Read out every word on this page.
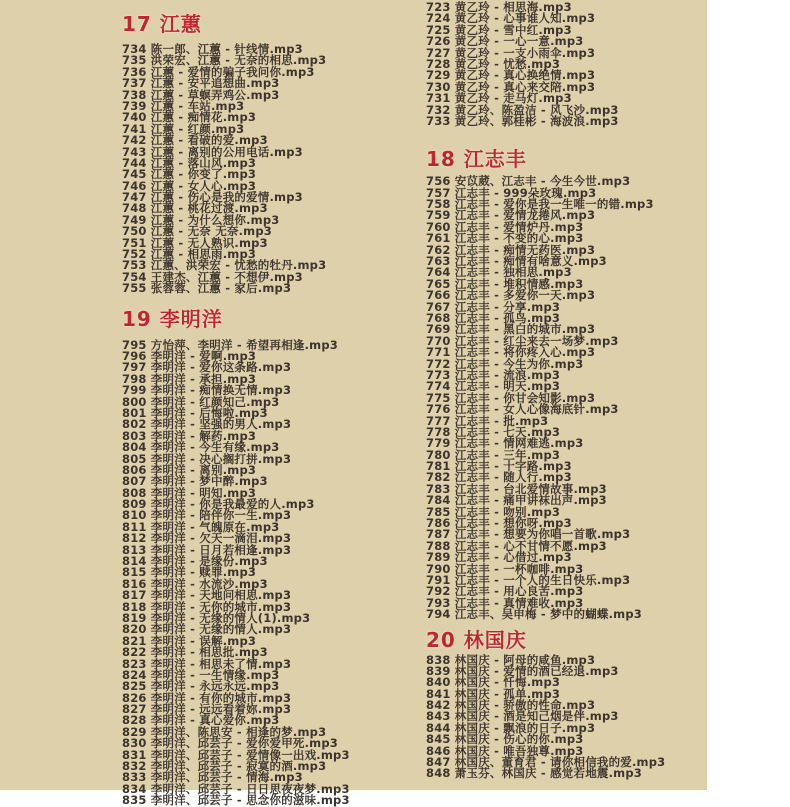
17 江蕙
734 陈一郎、江蕙 - 针线情.mp3
735 洪荣宏、江蕙 - 无奈的相思.mp3
736 江蕙 - 爱情的骗子我问你.mp3
737 江蕙 - 安平追想曲.mp3
738 江蕙 - 草螟弄鸡公.mp3
739 江蕙 - 车站.mp3
740 江蕙 - 痴情花.mp3
741 江蕙 - 红颜.mp3
742 江蕙 - 看破的爱.mp3
743 江蕙 - 离别的公用电话.mp3
744 江蕙 - 落山风.mp3
745 江蕙 - 你变了.mp3
746 江蕙 - 女人心.mp3
747 江蕙 - 伤心是我的爱情.mp3
748 江蕙 - 桃花过渡.mp3
749 江蕙 - 为什么想你.mp3
750 江蕙 - 无奈 无奈.mp3
751 江蕙 - 无人熟识.mp3
752 江蕙 - 相思雨.mp3
753 江蕙、洪荣宏 - 忧愁的牡丹.mp3
754 王建杰、江蕙 - 不想伊.mp3
755 张蓉蓉、江蕙 - 家后.mp3
19 李明洋
795 方怡萍、李明洋 - 希望再相逢.mp3
796 李明洋 - 爱啊.mp3
797 李明洋 - 爱你这条路.mp3
798 李明洋 - 承担.mp3
799 李明洋 - 痴情换无情.mp3
800 李明洋 - 红颜知己.mp3
801 李明洋 - 后悔啦.mp3
802 李明洋 - 坚强的男人.mp3
803 李明洋 - 解药.mp3
804 李明洋 - 今生有缘.mp3
805 李明洋 - 决心搁打拼.mp3
806 李明洋 - 离别.mp3
807 李明洋 - 梦中醉.mp3
808 李明洋 - 明知.mp3
809 李明洋 - 你是我最爱的人.mp3
810 李明洋 - 陪伴你一生.mp3
811 李明洋 - 气魄原在.mp3
812 李明洋 - 欠天一滴泪.mp3
813 李明洋 - 日月若相逢.mp3
814 李明洋 - 是缘份.mp3
815 李明洋 - 赎罪.mp3
816 李明洋 - 水流沙.mp3
817 李明洋 - 天地问相思.mp3
818 李明洋 - 无你的城市.mp3
819 李明洋 - 无缘的情人(1).mp3
820 李明洋 - 无缘的情人.mp3
821 李明洋 - 误解.mp3
822 李明洋 - 相思批.mp3
823 李明洋 - 相思未了情.mp3
824 李明洋 - 一生情缘.mp3
825 李明洋 - 永远永远.mp3
826 李明洋 - 有你的城市.mp3
827 李明洋 - 远远看着妳.mp3
828 李明洋 - 真心爱你.mp3
829 李明洋、陈思安 - 相逢的梦.mp3
830 李明洋、邱芸子 - 爱你爱甲死.mp3
831 李明洋、邱芸子 - 爱情像一出戏.mp3
832 李明洋、邱芸子 - 寂寞的酒.mp3
833 李明洋、邱芸子 - 情海.mp3
834 李明洋、邱芸子 - 日日思夜夜梦.mp3
835 李明洋、邱芸子 - 思念你的滋味.mp3
723 黄乙玲 - 相思海.mp3
724 黄乙玲 - 心事谁人知.mp3
725 黄乙玲 - 雪中红.mp3
726 黄乙玲 - 一心一意.mp3
727 黄乙玲 - 一支小雨伞.mp3
728 黄乙玲 - 忧愁.mp3
729 黄乙玲 - 真心换绝情.mp3
730 黄乙玲 - 真心来交陪.mp3
731 黄乙玲 - 走马灯.mp3
732 黄乙玲、陈盈洁 - 风飞沙.mp3
733 黄乙玲、郭桂彬 - 海波浪.mp3
18 江志丰
756 安苡葳、江志丰 - 今生今世.mp3
757 江志丰 - 999朵玫瑰.mp3
758 江志丰 - 爱你是我一生唯一的错.mp3
759 江志丰 - 爱情龙捲风.mp3
760 江志丰 - 爱情炉丹.mp3
761 江志丰 - 不变的心.mp3
762 江志丰 - 痴情无药医.mp3
763 江志丰 - 痴情有啥意义.mp3
764 江志丰 - 独相思.mp3
765 江志丰 - 堆积情感.mp3
766 江志丰 - 多爱你一天.mp3
767 江志丰 - 分享.mp3
768 江志丰 - 孤鸟.mp3
769 江志丰 - 黑白的城市.mp3
770 江志丰 - 红尘来去一场梦.mp3
771 江志丰 - 将你疼入心.mp3
772 江志丰 - 今生为你.mp3
773 江志丰 - 流浪.mp3
774 江志丰 - 明天.mp3
775 江志丰 - 你甘会知影.mp3
776 江志丰 - 女人心像海底针.mp3
777 江志丰 - 批.mp3
778 江志丰 - 七天.mp3
779 江志丰 - 情网难逃.mp3
780 江志丰 - 三年.mp3
781 江志丰 - 十字路.mp3
782 江志丰 - 随人行.mp3
783 江志丰 - 台北爱情故事.mp3
784 江志丰 - 痛甲讲袜出声.mp3
785 江志丰 - 吻别.mp3
786 江志丰 - 想你呀.mp3
787 江志丰 - 想要为你唱一首歌.mp3
788 江志丰 - 心不甘情不愿.mp3
789 江志丰 - 心借过.mp3
790 江志丰 - 一杯咖啡.mp3
791 江志丰 - 一个人的生日快乐.mp3
792 江志丰 - 用心良苦.mp3
793 江志丰 - 真情难收.mp3
794 江志丰、吴申梅 - 梦中的蝴蝶.mp3
20 林国庆
838 林国庆 - 阿母的咸鱼.mp3
839 林国庆 - 爱情的酒已经退.mp3
840 林国庆 - 忏悔.mp3
841 林国庆 - 孤单.mp3
842 林国庆 - 骄傲的性命.mp3
843 林国庆 - 酒是知己烟是伴.mp3
844 林国庆 - 飘浪的日子.mp3
845 林国庆 - 伤心的你.mp3
846 林国庆 - 唯吾独尊.mp3
847 林国庆、董育君 - 请你相信我的爱.mp3
848 萧玉芬、林国庆 - 感觉若地震.mp3
